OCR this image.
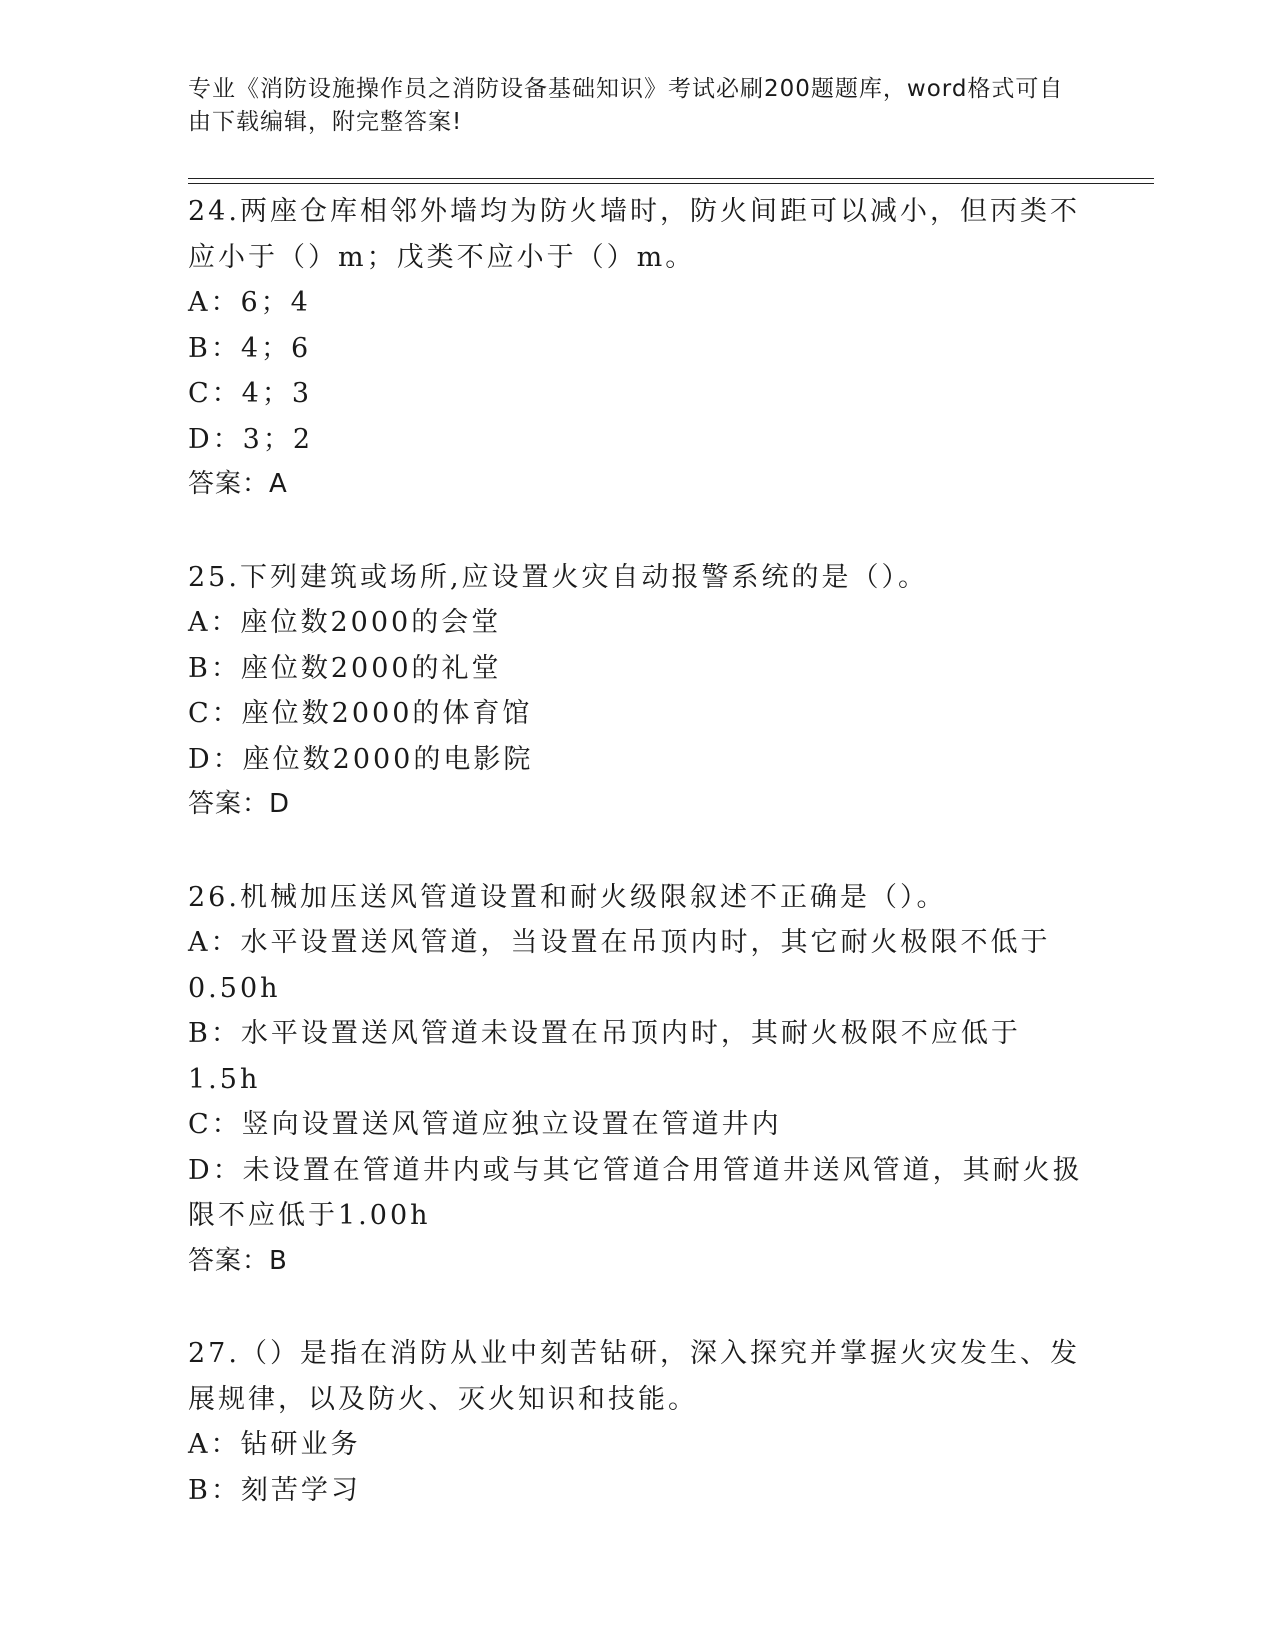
专业《消防设施操作员之消防设备基础知识》考试必刷200题题库，word格式可自由下载编辑，附完整答案!
24.两座仓库相邻外墙均为防火墙时，防火间距可以减小，但丙类不应小于（）m；戊类不应小于（）m。
A：6；4
B：4；6
C：4；3
D：3；2
答案：A
25.下列建筑或场所,应设置火灾自动报警系统的是（）。
A：座位数2000的会堂
B：座位数2000的礼堂
C：座位数2000的体育馆
D：座位数2000的电影院
答案：D
26.机械加压送风管道设置和耐火级限叙述不正确是（）。
A：水平设置送风管道，当设置在吊顶内时，其它耐火极限不低于0.50h
B：水平设置送风管道未设置在吊顶内时，其耐火极限不应低于1.5h
C：竖向设置送风管道应独立设置在管道井内
D：未设置在管道井内或与其它管道合用管道井送风管道，其耐火扱限不应低于1.00h
答案：B
27.（）是指在消防从业中刻苦钻研，深入探究并掌握火灾发生、发展规律，以及防火、灭火知识和技能。
A：钻研业务
B：刻苦学习
